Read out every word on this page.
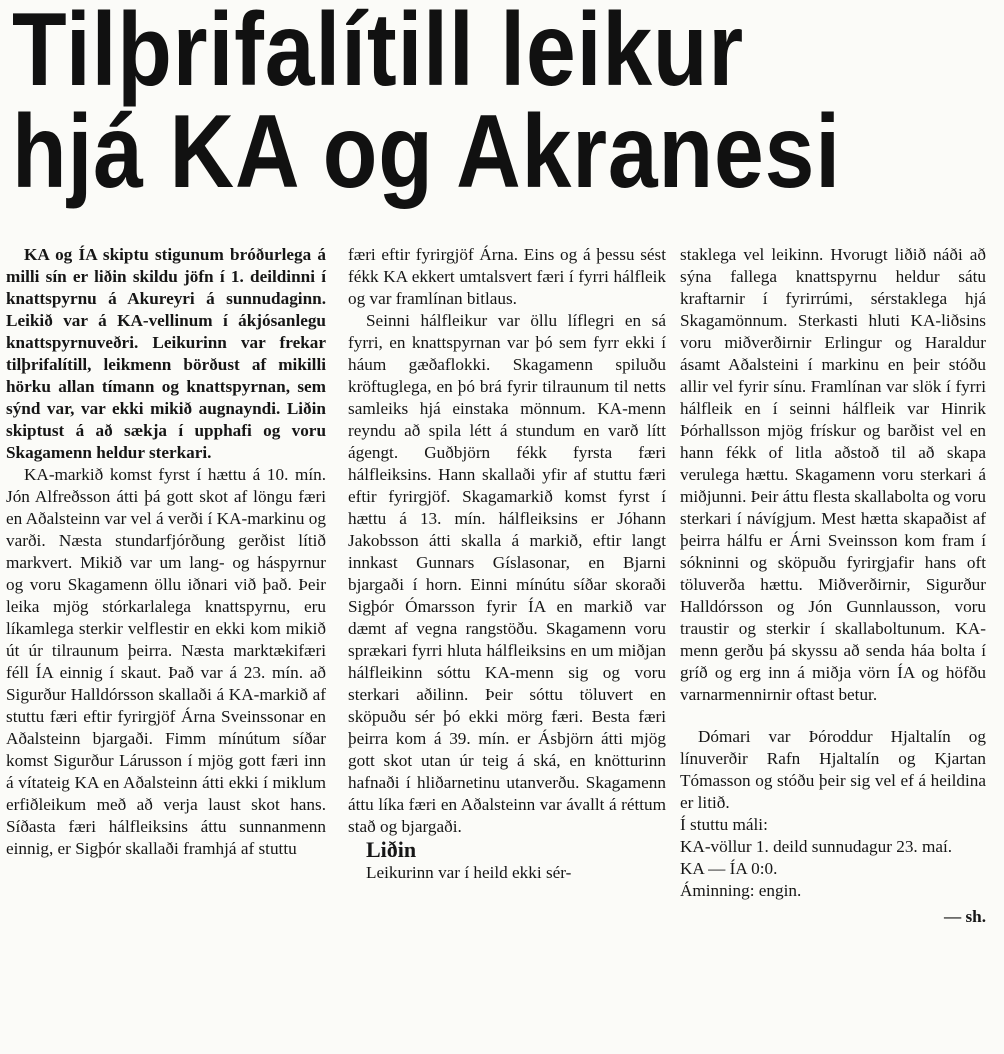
Tilþrifalítill leikur
hjá KA og Akranesi

KA og ÍA skiptu stigunum bróðurlega á milli sín er liðin skildu jöfn í 1. deildinni í knattspyrnu á Akureyri á sunnudaginn. Leikið var á KA-vellinum í ákjósanlegu knattspyrnuveðri. Leikurinn var frekar tilþrifalítill, leikmenn börðust af mikilli hörku allan tímann og knattspyrnan, sem sýnd var, var ekki mikið augnayndi. Liðin skiptust á að sækja í upphafi og voru Skagamenn heldur sterkari.

KA-markið komst fyrst í hættu á 10. mín. Jón Alfreðsson átti þá gott skot af löngu færi en Aðalsteinn var vel á verði í KA-markinu og varði. Næsta stundarfjórðung gerðist lítið markvert. Mikið var um lang- og háspyrnur og voru Skagamenn öllu iðnari við það. Þeir leika mjög stórkarlalega knattspyrnu, eru líkamlega sterkir velflestir en ekki kom mikið út úr tilraunum þeirra. Næsta marktækifæri féll ÍA einnig í skaut. Það var á 23. mín. að Sigurður Halldórsson skallaði á KA-markið af stuttu færi eftir fyrirgjöf Árna Sveinssonar en Aðalsteinn bjargaði. Fimm mínútum síðar komst Sigurður Lárusson í mjög gott færi inn á vítateig KA en Aðalsteinn átti ekki í miklum erfiðleikum með að verja laust skot hans. Síðasta færi hálfleiksins áttu sunnanmenn einnig, er Sigþór skallaði framhjá af stuttu

færi eftir fyrirgjöf Árna. Eins og á þessu sést fékk KA ekkert umtalsvert færi í fyrri hálfleik og var framlínan bitlaus.

Seinni hálfleikur var öllu líflegri en sá fyrri, en knattspyrnan var þó sem fyrr ekki í háum gæðaflokki. Skagamenn spiluðu kröftuglega, en þó brá fyrir tilraunum til netts samleiks hjá einstaka mönnum. KA-menn reyndu að spila létt á stundum en varð lítt ágengt. Guðbjörn fékk fyrsta færi hálfleiksins. Hann skallaði yfir af stuttu færi eftir fyrirgjöf. Skagamarkið komst fyrst í hættu á 13. mín. hálfleiksins er Jóhann Jakobsson átti skalla á markið, eftir langt innkast Gunnars Gíslasonar, en Bjarni bjargaði í horn. Einni mínútu síðar skoraði Sigþór Ómarsson fyrir ÍA en markið var dæmt af vegna rangstöðu. Skagamenn voru sprækari fyrri hluta hálfleiksins en um miðjan hálfleikinn sóttu KA-menn sig og voru sterkari aðilinn. Þeir sóttu töluvert en sköpuðu sér þó ekki mörg færi. Besta færi þeirra kom á 39. mín. er Ásbjörn átti mjög gott skot utan úr teig á ská, en knötturinn hafnaði í hliðarnetinu utanverðu. Skagamenn áttu líka færi en Aðalsteinn var ávallt á réttum stað og bjargaði.

Liðin

Leikurinn var í heild ekki sér-

staklega vel leikinn. Hvorugt liðið náði að sýna fallega knattspyrnu heldur sátu kraftarnir í fyrirrúmi, sérstaklega hjá Skagamönnum. Sterkasti hluti KA-liðsins voru miðverðirnir Erlingur og Haraldur ásamt Aðalsteini í markinu en þeir stóðu allir vel fyrir sínu. Framlínan var slök í fyrri hálfleik en í seinni hálfleik var Hinrik Þórhallsson mjög frískur og barðist vel en hann fékk of litla aðstoð til að skapa verulega hættu. Skagamenn voru sterkari á miðjunni. Þeir áttu flesta skallabolta og voru sterkari í návígjum. Mest hætta skapaðist af þeirra hálfu er Árni Sveinsson kom fram í sókninni og sköpuðu fyrirgjafir hans oft töluverða hættu. Miðverðirnir, Sigurður Halldórsson og Jón Gunnlausson, voru traustir og sterkir í skallaboltunum. KA-menn gerðu þá skyssu að senda háa bolta í gríð og erg inn á miðja vörn ÍA og höfðu varnarmennirnir oftast betur.

Dómari var Þóroddur Hjaltalín og línuverðir Rafn Hjaltalín og Kjartan Tómasson og stóðu þeir sig vel ef á heildina er litið.

Í stuttu máli:
KA-völlur 1. deild sunnudagur 23. maí.
KA — ÍA 0:0.
Áminning: engin.
— sh.
